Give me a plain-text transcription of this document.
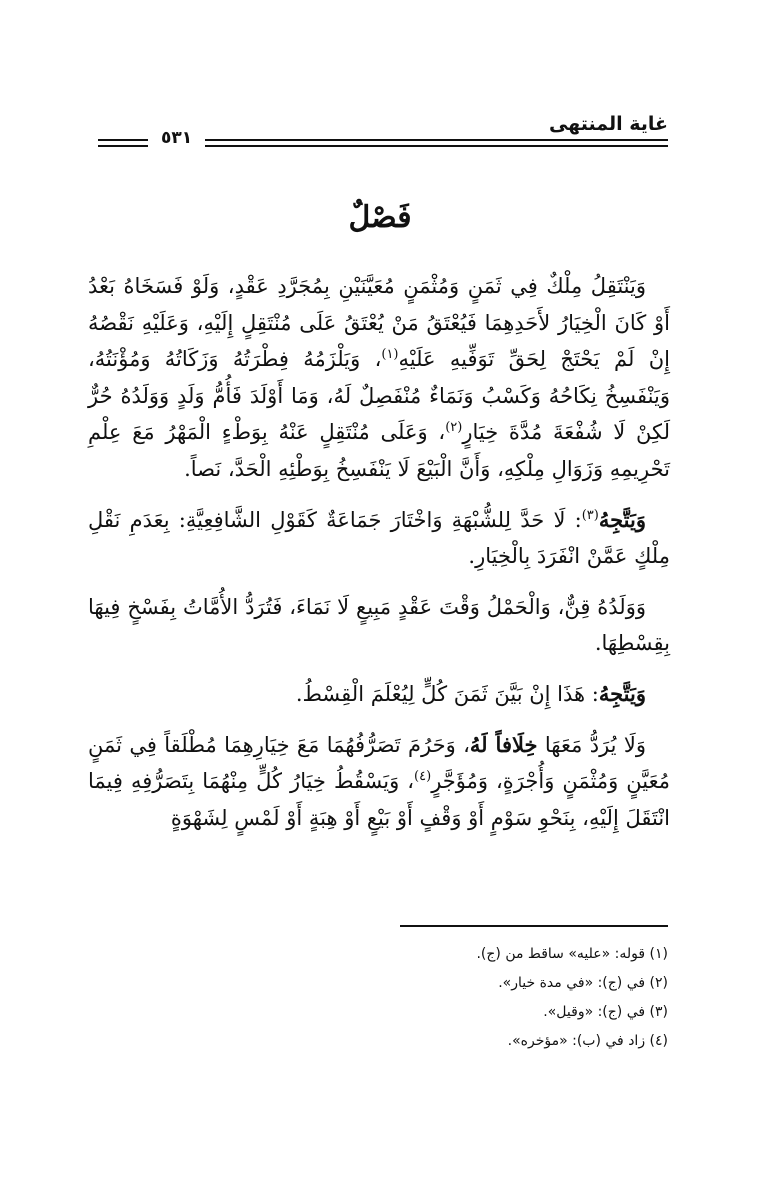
غاية المنتهى
٥٣١
فَصْلٌ

وَيَنْتَقِلُ مِلْكٌ فِي ثَمَنٍ وَمُثْمَنٍ مُعَيَّنَيْنِ بِمُجَرَّدِ عَقْدٍ، وَلَوْ فَسَخَاهُ بَعْدُ أَوْ كَانَ الْخِيَارُ لأَحَدِهِمَا فَيُعْتَقُ مَنْ يُعْتَقُ عَلَى مُنْتَقِلٍ إِلَيْهِ، وَعَلَيْهِ نَقْصُهُ إِنْ لَمْ يَحْتَجْ لِحَقِّ تَوَفِّيهِ عَلَيْهِ$^{(١)}$، وَيَلْزَمُهُ فِطْرَتُهُ وَزَكَاتُهُ وَمُؤْنَتُهُ، وَيَنْفَسِخُ نِكَاحُهُ وَكَسْبُ وَنَمَاءٌ مُنْفَصِلٌ لَهُ، وَمَا أَوْلَدَ فَأُمُّ وَلَدٍ وَوَلَدُهُ حُرٌّ لَكِنْ لَا شُفْعَةَ مُدَّةَ خِيَارٍ$^{(٢)}$، وَعَلَى مُنْتَقِلٍ عَنْهُ بِوَطْءٍ الْمَهْرُ مَعَ عِلْمِ تَحْرِيمِهِ وَزَوَالِ مِلْكِهِ، وَأَنَّ الْبَيْعَ لَا يَنْفَسِخُ بِوَطْئِهِ الْحَدَّ، نَصاً.

وَيَتَّجِهُ$^{(٣)}$: لَا حَدَّ لِلشُّبْهَةِ وَاخْتَارَ جَمَاعَةٌ كَقَوْلِ الشَّافِعِيَّةِ: بِعَدَمِ نَقْلِ مِلْكٍ عَمَّنْ انْفَرَدَ بِالْخِيَارِ.

وَوَلَدُهُ قِنٌّ، وَالْحَمْلُ وَقْتَ عَقْدٍ مَبِيعٍ لَا نَمَاءَ، فَتُرَدُّ الأُمَّاتُ بِفَسْخٍ فِيهَا بِقِسْطِهَا.

وَيَتَّجِهُ: هَذَا إِنْ بَيَّنَ ثَمَنَ كُلٍّ لِيُعْلَمَ الْقِسْطُ.

وَلَا يُرَدُّ مَعَهَا خِلَافاً لَهُ، وَحَرُمَ تَصَرُّفُهُمَا مَعَ خِيَارِهِمَا مُطْلَقاً فِي ثَمَنٍ مُعَيَّنٍ وَمُثْمَنٍ وَأُجْرَةٍ، وَمُؤَجَّرٍ$^{(٤)}$، وَيَسْقُطُ خِيَارُ كُلٍّ مِنْهُمَا بِتَصَرُّفِهِ فِيمَا انْتَقَلَ إِلَيْهِ، بِنَحْوِ سَوْمٍ أَوْ وَقْفٍ أَوْ بَيْعٍ أَوْ هِبَةٍ أَوْ لَمْسٍ لِشَهْوَةٍ

(١) قوله: «عليه» ساقط من (ج).
(٢) في (ج): «في مدة خيار».
(٣) في (ج): «وقيل».
(٤) زاد في (ب): «مؤخره».
